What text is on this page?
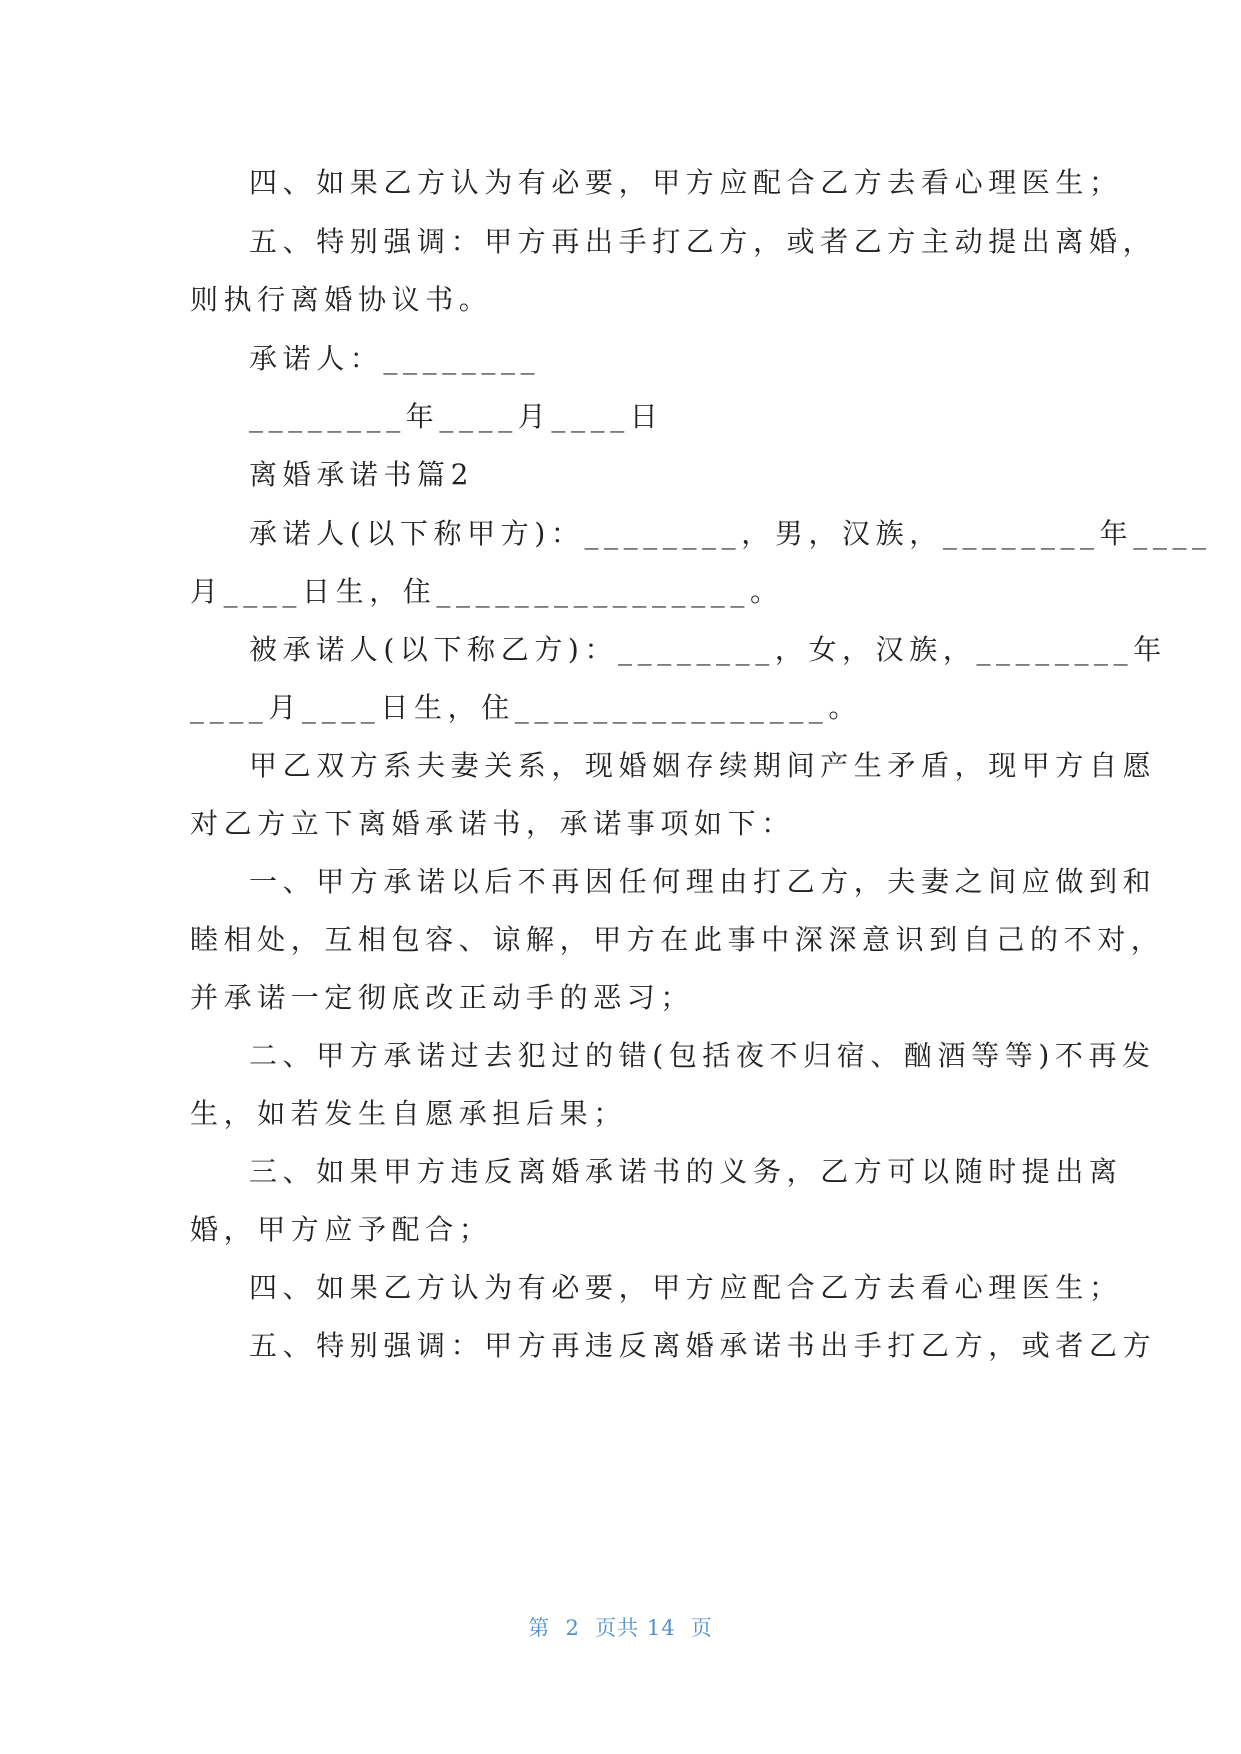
四、如果乙方认为有必要，甲方应配合乙方去看心理医生；
五、特别强调：甲方再出手打乙方，或者乙方主动提出离婚，
则执行离婚协议书。
承诺人：________
________年____月____日
离婚承诺书篇2
承诺人(以下称甲方)：________，男，汉族，________年____
月____日生，住________________。
被承诺人(以下称乙方)：________，女，汉族，________年
____月____日生，住________________。
甲乙双方系夫妻关系，现婚姻存续期间产生矛盾，现甲方自愿
对乙方立下离婚承诺书，承诺事项如下：
一、甲方承诺以后不再因任何理由打乙方，夫妻之间应做到和
睦相处，互相包容、谅解，甲方在此事中深深意识到自己的不对，
并承诺一定彻底改正动手的恶习；
二、甲方承诺过去犯过的错(包括夜不归宿、酗酒等等)不再发
生，如若发生自愿承担后果；
三、如果甲方违反离婚承诺书的义务，乙方可以随时提出离
婚，甲方应予配合；
四、如果乙方认为有必要，甲方应配合乙方去看心理医生；
五、特别强调：甲方再违反离婚承诺书出手打乙方，或者乙方
第  2  页共 14  页
